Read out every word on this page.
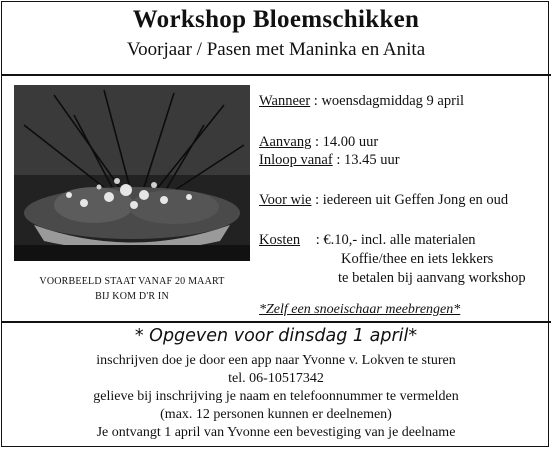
Workshop Bloemschikken
Voorjaar / Pasen met Maninka en Anita
VOORBEELD STAAT VANAF 20 MAART
BIJ KOM D'R IN
Wanneer : woensdagmiddag 9 april
Aanvang : 14.00 uur
Inloop vanaf : 13.45 uur
Voor wie : iedereen uit Geffen Jong en oud
Kosten : €.10,- incl. alle materialen
Koffie/thee en iets lekkers
te betalen bij aanvang workshop
*Zelf een snoeischaar meebrengen*
* Opgeven voor dinsdag 1 april*
inschrijven doe je door een app naar Yvonne v. Lokven te sturen
tel. 06-10517342
gelieve bij inschrijving je naam en telefoonnummer te vermelden
(max. 12 personen kunnen er deelnemen)
Je ontvangt 1 april van Yvonne een bevestiging van je deelname
